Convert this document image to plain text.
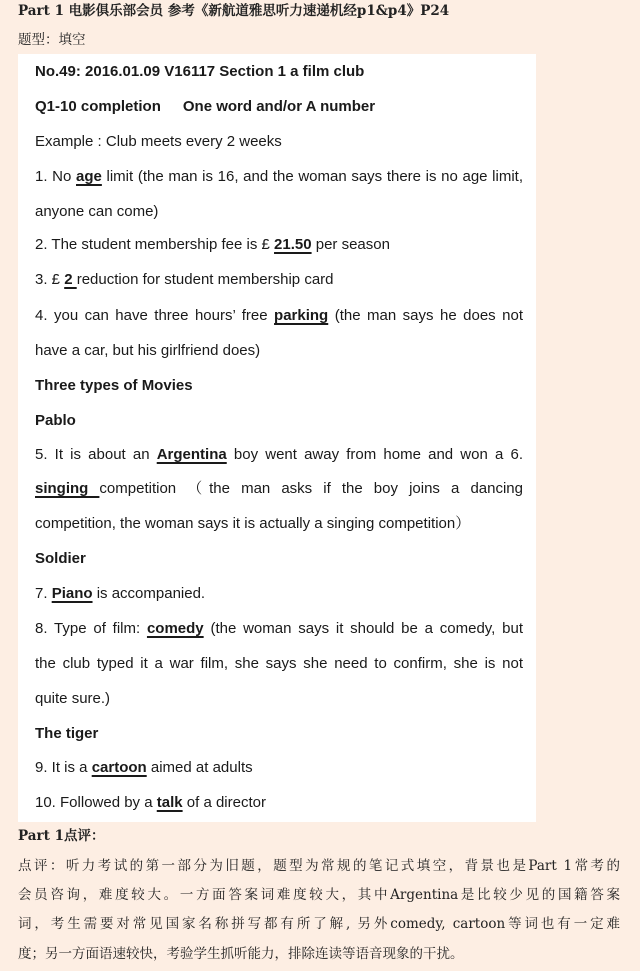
Part 1 电影俱乐部会员 参考《新航道雅思听力速递机经p1&p4》P24
题型：填空
No.49: 2016.01.09 V16117 Section 1 a film club
Q1-10 completion One word and/or A number
Example : Club meets every 2 weeks
1. No age limit (the man is 16, and the woman says there is no age limit,
anyone can come)
2. The student membership fee is £ 21.50 per season
3. £ 2 reduction for student membership card
4. you can have three hours’ free parking (the man says he does not
have a car, but his girlfriend does)
Three types of Movies
Pablo
5. It is about an Argentina boy went away from home and won a 6.
singing competition （the man asks if the boy joins a dancing
competition, the woman says it is actually a singing competition）
Soldier
7. Piano is accompanied.
8. Type of film: comedy (the woman says it should be a comedy, but
the club typed it a war film, she says she need to confirm, she is not
quite sure.)
The tiger
9. It is a cartoon aimed at adults
10. Followed by a talk of a director
Part 1点评：
点评：听力考试的第一部分为旧题，题型为常规的笔记式填空，背景也是Part 1常考的
会员咨询，难度较大。一方面答案词难度较大，其中Argentina是比较少见的国籍答案
词，考生需要对常见国家名称拼写都有所了解, 另外comedy, cartoon等词也有一定难
度；另一方面语速较快，考验学生抓听能力，排除连读等语音现象的干扰。
